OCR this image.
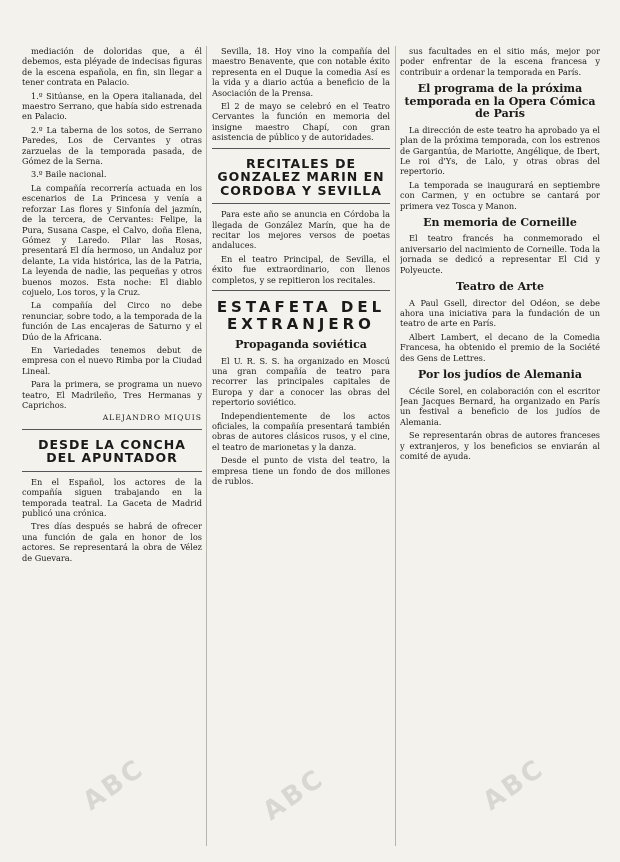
mediación de doloridas que, a él debemos, esta pléyade de indecisas figuras de la escena española, en fin, sin llegar a tener contrata en Palacio.

1.º Sitúanse, en la Opera italianada, del maestro Serrano, que había sido estrenada en Palacio.

2.º La taberna de los sotos, de Serrano Paredes, Los de Cervantes y otras zarzuelas de la temporada pasada, de Gómez de la Serna.

3.º Baile nacional.

La compañía recorrería actuada en los escenarios de La Princesa y venía a reforzar Las flores y Sinfonía del jazmín, de la tercera, de Cervantes: Felipe, la Pura, Susana Caspe, el Calvo, doña Elena, Gómez y Laredo. Pilar las Rosas, presentará El día hermoso, un Andaluz por delante, La vida histórica, las de la Patria, La leyenda de nadie, las pequeñas y otros buenos mozos. Esta noche: El diablo cojuelo, Los toros, y la Cruz.

La compañía del Circo no debe renunciar, sobre todo, a la temporada de la función de Las encajeras de Saturno y el Dúo de la Africana.

En Variedades tenemos debut de empresa con el nuevo Rimba por la Ciudad Lineal.

Para la primera, se programa un nuevo teatro, El Madrileño, Tres Hermanas y Caprichos.

ALEJANDRO MIQUIS
DESDE LA CONCHA DEL APUNTADOR

En el Español, los actores de la compañía siguen trabajando en la temporada teatral. La Gaceta de Madrid publicó una crónica.

Tres días después se habrá de ofrecer una función de gala en honor de los actores. Se representará la obra de Vélez de Guevara.

Sevilla, 18. Hoy vino la compañía del maestro Benavente, que con notable éxito representa en el Duque la comedia Así es la vida y a diario actúa a beneficio de la Asociación de la Prensa.

El 2 de mayo se celebró en el Teatro Cervantes la función en memoria del insigne maestro Chapí, con gran asistencia de público y de autoridades.

RECITALES DE GONZALEZ MARIN EN CORDOBA Y SEVILLA

Para este año se anuncia en Córdoba la llegada de González Marín, que ha de recitar los mejores versos de poetas andaluces.

En el teatro Principal, de Sevilla, el éxito fue extraordinario, con llenos completos, y se repitieron los recitales.

ESTAFETA DEL EXTRANJERO
Propaganda soviética

El U. R. S. S. ha organizado en Moscú una gran compañía de teatro para recorrer las principales capitales de Europa y dar a conocer las obras del repertorio soviético.

Independientemente de los actos oficiales, la compañía presentará también obras de autores clásicos rusos, y el cine, el teatro de marionetas y la danza.

Desde el punto de vista del teatro, la empresa tiene un fondo de dos millones de rublos.

sus facultades en el sitio más, mejor por poder enfrentar de la escena francesa y contribuir a ordenar la temporada en París.

El programa de la próxima temporada en la Opera Cómica de París

La dirección de este teatro ha aprobado ya el plan de la próxima temporada, con los estrenos de Gargantúa, de Mariotte, Angélique, de Ibert, Le roi d'Ys, de Lalo, y otras obras del repertorio.

La temporada se inaugurará en septiembre con Carmen, y en octubre se cantará por primera vez Tosca y Manon.

En memoria de Corneille

El teatro francés ha conmemorado el aniversario del nacimiento de Corneille. Toda la jornada se dedicó a representar El Cid y Polyeucte.

Teatro de Arte

A Paul Gsell, director del Odéon, se debe ahora una iniciativa para la fundación de un teatro de arte en París.

Albert Lambert, el decano de la Comedia Francesa, ha obtenido el premio de la Société des Gens de Lettres.

Por los judíos de Alemania

Cécile Sorel, en colaboración con el escritor Jean Jacques Bernard, ha organizado en París un festival a beneficio de los judíos de Alemania.

Se representarán obras de autores franceses y extranjeros, y los beneficios se enviarán al comité de ayuda.

ABC	ABC	ABC
